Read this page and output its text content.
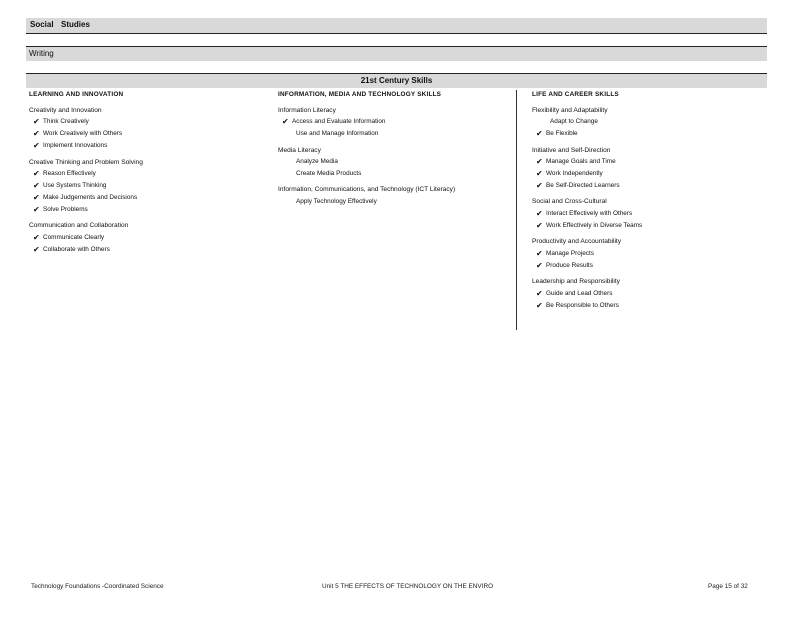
Social Studies
Writing
21st Century Skills
LEARNING AND INNOVATION
Creativity and Innovation
✔ Think Creatively
✔ Work Creatively with Others
✔ Implement Innovations
Creative Thinking and Problem Solving
✔ Reason Effectively
✔ Use Systems Thinking
✔ Make Judgements and Decisions
✔ Solve Problems
Communication and Collaboration
✔ Communicate Clearly
✔ Collaborate with Others
INFORMATION, MEDIA AND TECHNOLOGY SKILLS
Information Literacy
✔ Access and Evaluate Information
Use and Manage Information
Media Literacy
Analyze Media
Create Media Products
Information, Communications, and Technology (ICT Literacy)
Apply Technology Effectively
LIFE AND CAREER SKILLS
Flexibility and Adaptability
Adapt to Change
✔ Be Flexible
Initiative and Self-Direction
✔ Manage Goals and Time
✔ Work Independently
✔ Be Self-Directed Learners
Social and Cross-Cultural
✔ Interact Effectively with Others
✔ Work Effectively in Diverse Teams
Productivity and Accountability
✔ Manage Projects
✔ Produce Results
Leadership and Responsibility
✔ Guide and Lead Others
✔ Be Responsible to Others
Technology Foundations -Coordinated Science	Unit 5 THE EFFECTS OF TECHNOLOGY ON THE ENVIRO	Page 15 of 32
